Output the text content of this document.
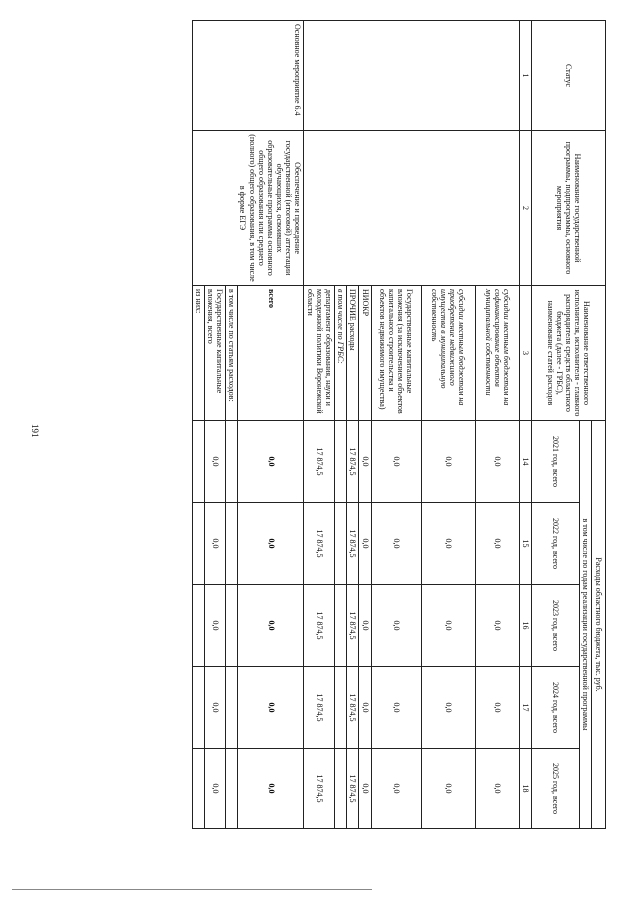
191
Статус	Наименование государственной программы, подпрограммы, основного мероприятия	Наименование ответственного исполнителя, исполнителя - главного распорядителя средств областного бюджета (далее - ГРБС), наименование статей расходов	Расходы областного бюджета, тыс. руб.				
			в том числе по годам реализации государственной программы				
			2021 год, всего	2022 год, всего	2023 год, всего	2024 год, всего	2025 год, всего
1	2	3	14	15	16	17	18
		субсидии местным бюджетам на софинансирование объектов муниципальной собственности	0,0	0,0	0,0	0,0	0,0
		субсидии местным бюджетам на приобретение недвижимого имущества в муниципальную собственность	0,0	0,0	0,0	0,0	0,0
		Государственные капитальные вложения (за исключением объектов капитального строительства и объектов недвижимого имущества)	0,0	0,0	0,0	0,0	0,0
		НИОКР	0,0	0,0	0,0	0,0	0,0
		ПРОЧИЕ расходы	17 874,5	17 874,5	17 874,5	17 874,5	17 874,5
		в том числе по ГРБС:					
		департамент образования, науки и молодежной политики Воронежской области	17 874,5	17 874,5	17 874,5	17 874,5	17 874,5
Основное мероприятие 6.4	Обеспечение и проведение государственной (итоговой) аттестации обучающихся, освоивших образовательные программы основного общего образования или среднего (полного) общего образования, в том числе в форме ЕГЭ	всего	0,0	0,0	0,0	0,0	0,0
		в том числе по статьям расходов:					
		Государственные капитальные вложения, всего	0,0	0,0	0,0	0,0	0,0
		из них:					
